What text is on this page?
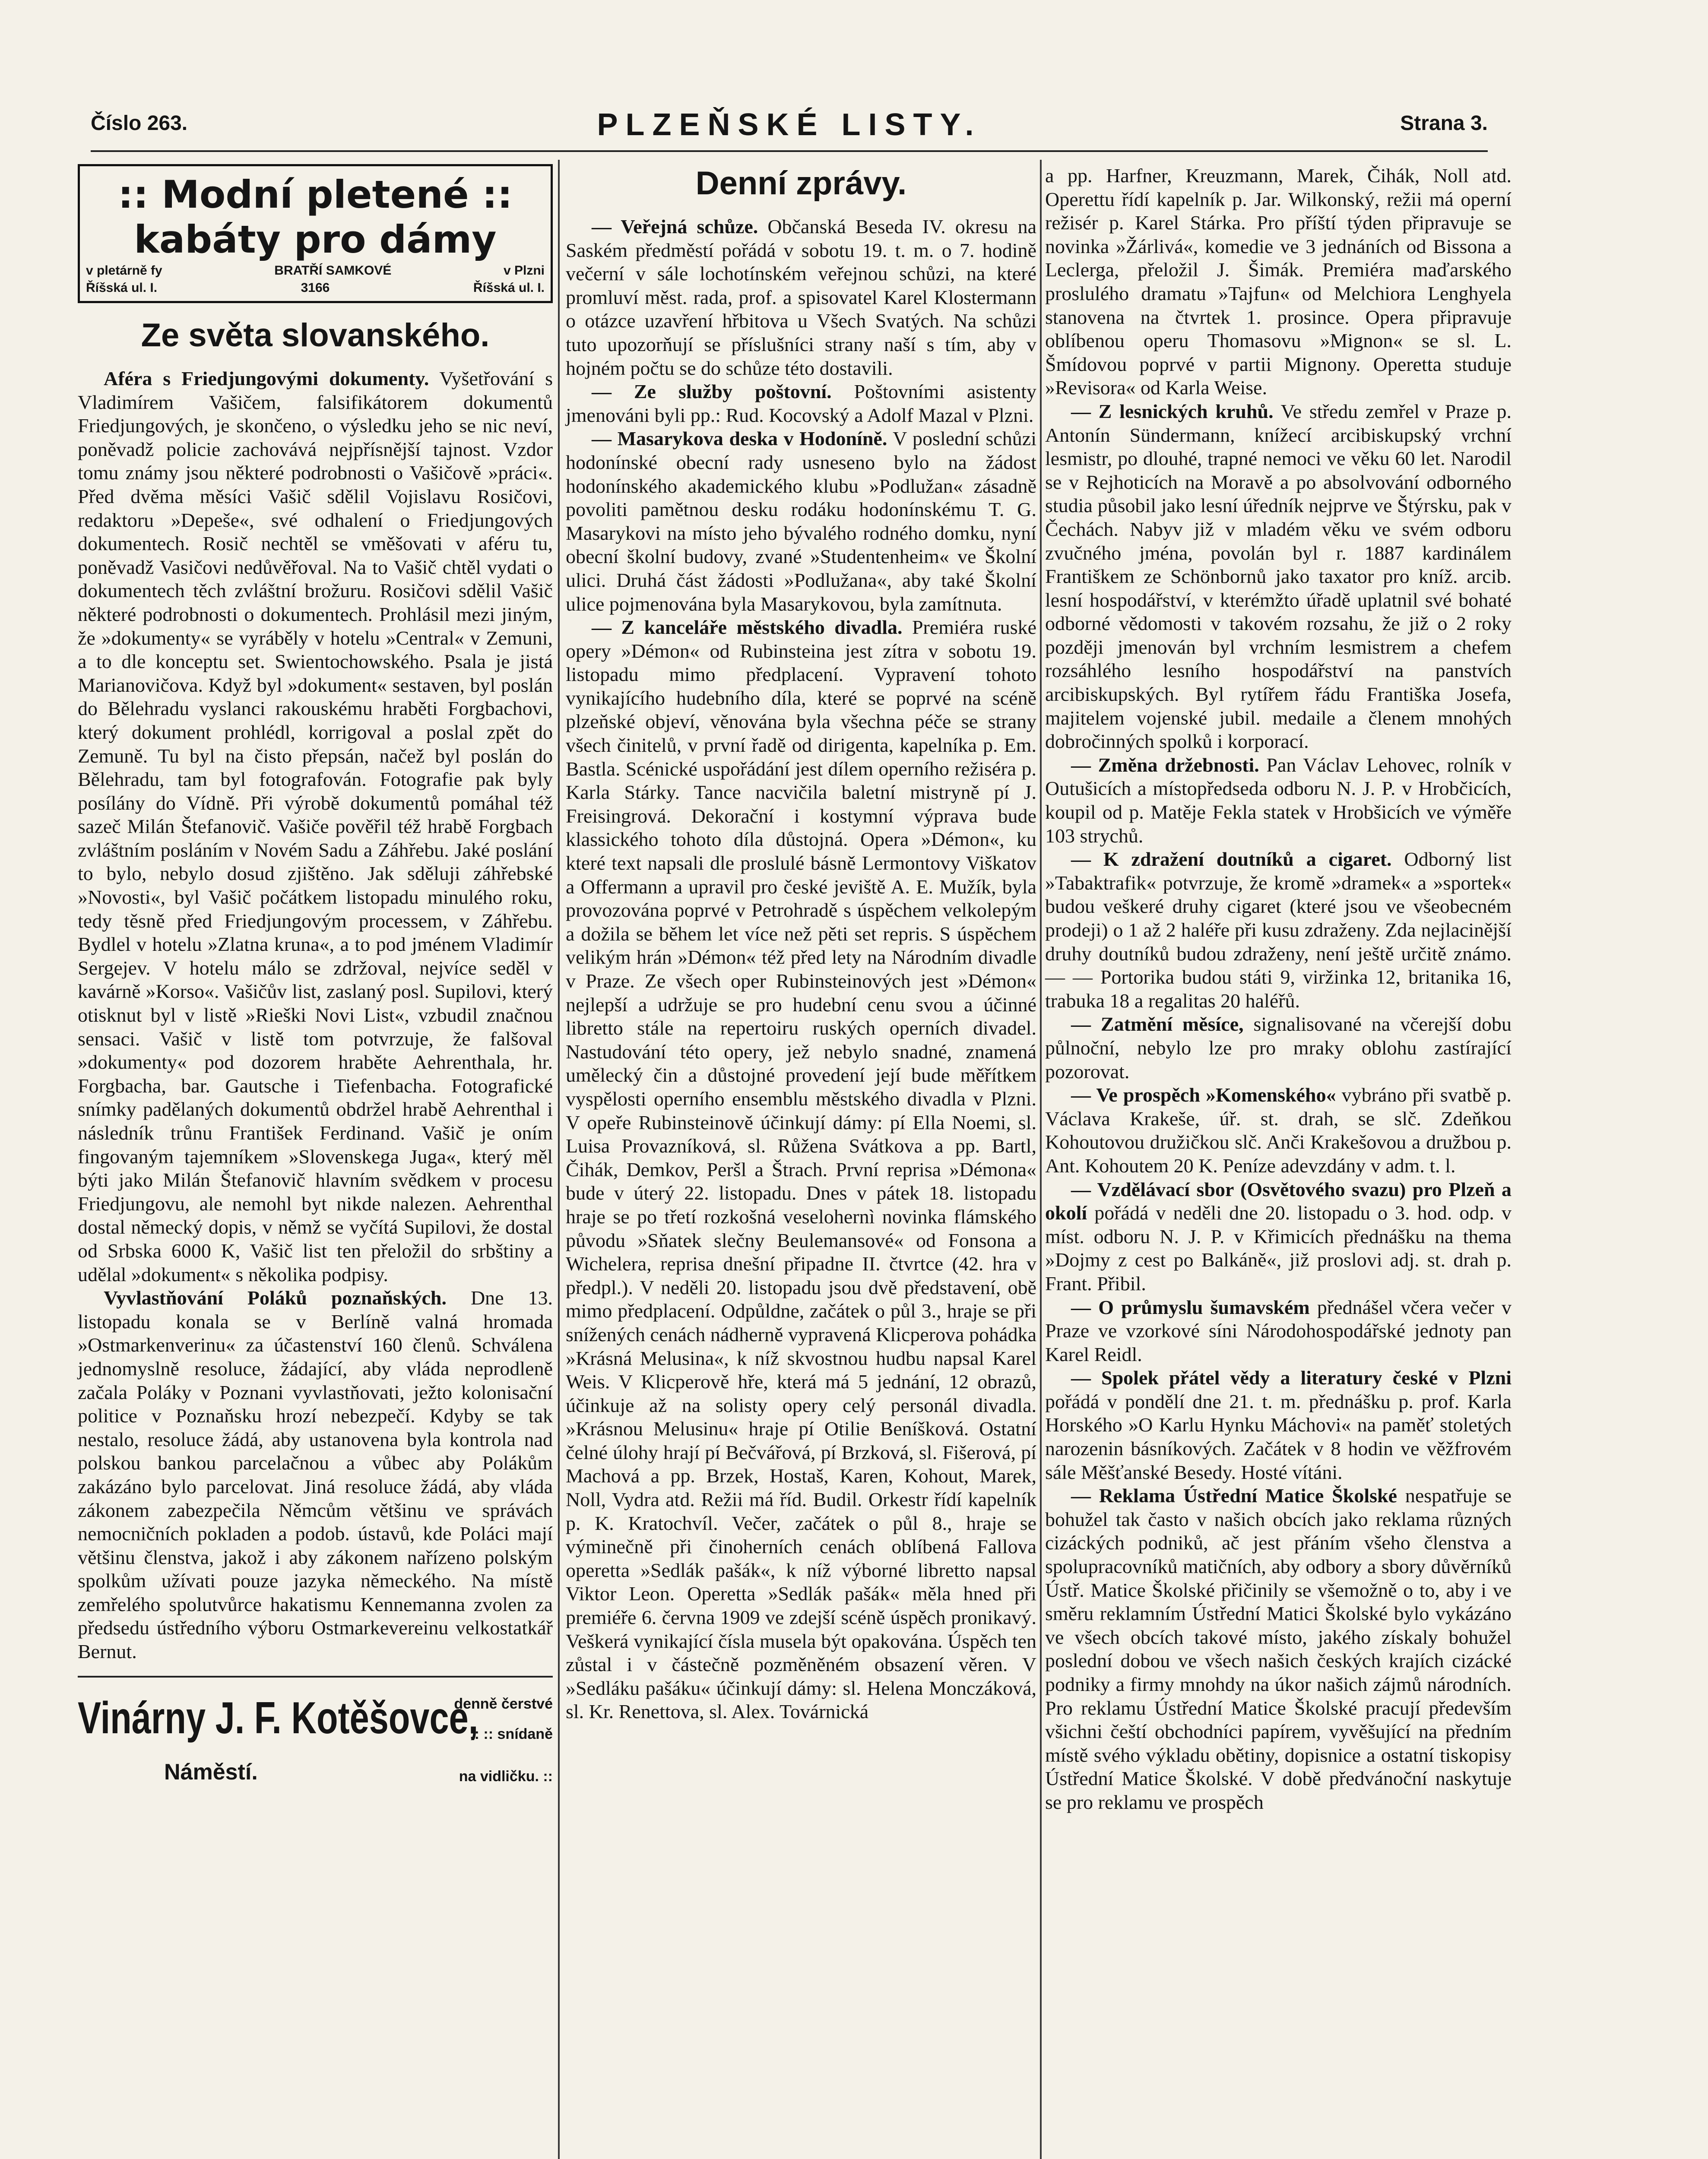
Číslo 263.	PLZEŇSKÉ LISTY.	Strana 3.
:: Modní pletené :: kabáty pro dámy
v pletárně fy	BRATŘÍ SAMKOVÉ	v Plzni
Říšská ul. I.	3166	Říšská ul. I.
Ze světa slovanského.

Aféra s Friedjungovými dokumenty. Vyšetřování s Vladimírem Vašičem, falsifikátorem dokumentů Friedjungových, je skončeno, o výsledku jeho se nic neví, poněvadž policie zachovává nejpřísnější tajnost. Vzdor tomu známy jsou některé podrobnosti o Vašičově »práci«. Před dvěma měsíci Vašič sdělil Vojislavu Rosičovi, redaktoru »Depeše«, své odhalení o Friedjungových dokumentech. Rosič nechtěl se vměšovati v aféru tu, poněvadž Vasičovi nedůvěřoval. Na to Vašič chtěl vydati o dokumentech těch zvláštní brožuru. Rosičovi sdělil Vašič některé podrobnosti o dokumentech. Prohlásil mezi jiným, že »dokumenty« se vyráběly v hotelu »Central« v Zemuni, a to dle konceptu set. Swientochowského. Psala je jistá Marianovičova. Když byl »dokument« sestaven, byl poslán do Bělehradu vyslanci rakouskému hraběti Forgbachovi, který dokument prohlédl, korrigoval a poslal zpět do Zemuně. Tu byl na čisto přepsán, načež byl poslán do Bělehradu, tam byl fotografován. Fotografie pak byly posílány do Vídně. Při výrobě dokumentů pomáhal též sazeč Milán Štefanovič. Vašiče pověřil též hrabě Forgbach zvláštním posláním v Novém Sadu a Záhřebu. Jaké poslání to bylo, nebylo dosud zjištěno. Jak sděluji záhřebské »Novosti«, byl Vašič počátkem listopadu minulého roku, tedy těsně před Friedjungovým processem, v Záhřebu. Bydlel v hotelu »Zlatna kruna«, a to pod jménem Vladimír Sergejev. V hotelu málo se zdržoval, nejvíce seděl v kavárně »Korso«. Vašičův list, zaslaný posl. Supilovi, který otisknut byl v listě »Rieški Novi List«, vzbudil značnou sensaci. Vašič v listě tom potvrzuje, že falšoval »dokumenty« pod dozorem hraběte Aehrenthala, hr. Forgbacha, bar. Gautsche i Tiefenbacha. Fotografické snímky padělaných dokumentů obdržel hrabě Aehrenthal i následník trůnu František Ferdinand. Vašič je oním fingovaným tajemníkem »Slovenskega Juga«, který měl býti jako Milán Štefanovič hlavním svědkem v procesu Friedjungovu, ale nemohl byt nikde nalezen. Aehrenthal dostal německý dopis, v němž se vyčítá Supilovi, že dostal od Srbska 6000 K, Vašič list ten přeložil do srbštiny a udělal »dokument« s několika podpisy.

Vyvlastňování Poláků poznaňských. Dne 13. listopadu konala se v Berlíně valná hromada »Ostmarkenverinu« za účastenství 160 členů. Schválena jednomyslně resoluce, žádající, aby vláda neprodleně začala Poláky v Poznani vyvlastňovati, ježto kolonisační politice v Poznaňsku hrozí nebezpečí. Kdyby se tak nestalo, resoluce žádá, aby ustanovena byla kontrola nad polskou bankou parcelačnou a vůbec aby Polákům zakázáno bylo parcelovat. Jiná resoluce žádá, aby vláda zákonem zabezpečila Němcům většinu ve správách nemocničních pokladen a podob. ústavů, kde Poláci mají většinu členstva, jakož i aby zákonem nařízeno polským spolkům užívati pouze jazyka německého. Na místě zemřelého spolutvůrce hakatismu Kennemanna zvolen za předsedu ústředního výboru Ostmarkevereinu velkostatkář Bernut.

Vinárny J. F. Kotěšovce,
denně čerstvé
:: :: snídaně
na vidličku. ::
Náměstí.
Denní zprávy.

— Veřejná schůze. Občanská Beseda IV. okresu na Saském předměstí pořádá v sobotu 19. t. m. o 7. hodině večerní v sále lochotínském veřejnou schůzi, na které promluví měst. rada, prof. a spisovatel Karel Klostermann o otázce uzavření hřbitova u Všech Svatých. Na schůzi tuto upozorňují se příslušníci strany naší s tím, aby v hojném počtu se do schůze této dostavili.

— Ze služby poštovní. Poštovními asistenty jmenováni byli pp.: Rud. Kocovský a Adolf Mazal v Plzni.

— Masarykova deska v Hodoníně. V poslední schůzi hodonínské obecní rady usneseno bylo na žádost hodonínského akademického klubu »Podlužan« zásadně povoliti pamětnou desku rodáku hodonínskému T. G. Masarykovi na místo jeho bývalého rodného domku, nyní obecní školní budovy, zvané »Studentenheim« ve Školní ulici. Druhá část žádosti »Podlužana«, aby také Školní ulice pojmenována byla Masarykovou, byla zamítnuta.

— Z kanceláře městského divadla. Premiéra ruské opery »Démon« od Rubinsteina jest zítra v sobotu 19. listopadu mimo předplacení. Vypravení tohoto vynikajícího hudebního díla, které se poprvé na scéně plzeňské objeví, věnována byla všechna péče se strany všech činitelů, v první řadě od dirigenta, kapelníka p. Em. Bastla. Scénické uspořádání jest dílem operního režiséra p. Karla Stárky. Tance nacvičila baletní mistryně pí J. Freisingrová. Dekorační i kostymní výprava bude klassického tohoto díla důstojná. Opera »Démon«, ku které text napsali dle proslulé básně Lermontovy Viškatov a Offermann a upravil pro české jeviště A. E. Mužík, byla provozována poprvé v Petrohradě s úspěchem velkolepým a dožila se během let více než pěti set repris. S úspěchem velikým hrán »Démon« též před lety na Národním divadle v Praze. Ze všech oper Rubinsteinových jest »Démon« nejlepší a udržuje se pro hudební cenu svou a účinné libretto stále na repertoiru ruských operních divadel. Nastudování této opery, jež nebylo snadné, znamená umělecký čin a důstojné provedení její bude měřítkem vyspělosti operního ensemblu městského divadla v Plzni. V opeře Rubinsteinově účinkují dámy: pí Ella Noemi, sl. Luisa Provazníková, sl. Růžena Svátkova a pp. Bartl, Čihák, Demkov, Peršl a Štrach. První reprisa »Démona« bude v úterý 22. listopadu. Dnes v pátek 18. listopadu hraje se po třetí rozkošná veselohernì novinka flámského původu »Sňatek slečny Beulemansové« od Fonsona a Wichelera, reprisa dnešní připadne II. čtvrtce (42. hra v předpl.). V neděli 20. listopadu jsou dvě představení, obě mimo předplacení. Odpůldne, začátek o půl 3., hraje se při snížených cenách nádherně vypravená Klicperova pohádka »Krásná Melusina«, k níž skvostnou hudbu napsal Karel Weis. V Klicperově hře, která má 5 jednání, 12 obrazů, účinkuje až na solisty opery celý personál divadla. »Krásnou Melusinu« hraje pí Otilie Beníšková. Ostatní čelné úlohy hrají pí Bečvářová, pí Brzková, sl. Fišerová, pí Machová a pp. Brzek, Hostaš, Karen, Kohout, Marek, Noll, Vydra atd. Režii má říd. Budil. Orkestr řídí kapelník p. K. Kratochvíl. Večer, začátek o půl 8., hraje se výminečně při činoherních cenách oblíbená Fallova operetta »Sedlák pašák«, k níž výborné libretto napsal Viktor Leon. Operetta »Sedlák pašák« měla hned při premiéře 6. června 1909 ve zdejší scéně úspěch pronikavý. Veškerá vynikající čísla musela být opakována. Úspěch ten zůstal i v částečně pozměněném obsazení věren. V »Sedláku pašáku« účinkují dámy: sl. Helena Monczáková, sl. Kr. Renettova, sl. Alex. Továrnická

a pp. Harfner, Kreuzmann, Marek, Čihák, Noll atd. Operettu řídí kapelník p. Jar. Wilkonský, režii má operní režisér p. Karel Stárka. Pro příští týden připravuje se novinka »Žárlivá«, komedie ve 3 jednáních od Bissona a Leclerga, přeložil J. Šimák. Premiéra maďarského proslulého dramatu »Tajfun« od Melchiora Lenghyela stanovena na čtvrtek 1. prosince. Opera připravuje oblíbenou operu Thomasovu »Mignon« se sl. L. Šmídovou poprvé v partii Mignony. Operetta studuje »Revisora« od Karla Weise.

— Z lesnických kruhů. Ve středu zemřel v Praze p. Antonín Sündermann, knížecí arcibiskupský vrchní lesmistr, po dlouhé, trapné nemoci ve věku 60 let. Narodil se v Rejhoticích na Moravě a po absolvování odborného studia působil jako lesní úředník nejprve ve Štýrsku, pak v Čechách. Nabyv již v mladém věku ve svém odboru zvučného jména, povolán byl r. 1887 kardinálem Františkem ze Schönbornů jako taxator pro kníž. arcib. lesní hospodářství, v kterémžto úřadě uplatnil své bohaté odborné vědomosti v takovém rozsahu, že již o 2 roky později jmenován byl vrchním lesmistrem a chefem rozsáhlého lesního hospodářství na panstvích arcibiskupských. Byl rytířem řádu Františka Josefa, majitelem vojenské jubil. medaile a členem mnohých dobročinných spolků i korporací.

— Změna držebnosti. Pan Václav Lehovec, rolník v Outušicích a místopředseda odboru N. J. P. v Hrobčicích, koupil od p. Matěje Fekla statek v Hrobšicích ve výměře 103 strychů.

— K zdražení doutníků a cigaret. Odborný list »Tabaktrafik« potvrzuje, že kromě »dramek« a »sportek« budou veškeré druhy cigaret (které jsou ve všeobecném prodeji) o 1 až 2 haléře při kusu zdraženy. Zda nejlacinější druhy doutníků budou zdraženy, není ještě určitě známo. — — Portorika budou státi 9, viržinka 12, britanika 16, trabuka 18 a regalitas 20 haléřů.

— Zatmění měsíce, signalisované na včerejší dobu půlnoční, nebylo lze pro mraky oblohu zastírající pozorovat.

— Ve prospěch »Komenského« vybráno při svatbě p. Václava Krakeše, úř. st. drah, se slč. Zdeňkou Kohoutovou družičkou slč. Anči Krakešovou a družbou p. Ant. Kohoutem 20 K. Peníze adevzdány v adm. t. l.

— Vzdělávací sbor (Osvětového svazu) pro Plzeň a okolí pořádá v neděli dne 20. listopadu o 3. hod. odp. v míst. odboru N. J. P. v Křimicích přednášku na thema »Dojmy z cest po Balkáně«, již proslovi adj. st. drah p. Frant. Přibil.

— O průmyslu šumavském přednášel včera večer v Praze ve vzorkové síni Národohospodářské jednoty pan Karel Reidl.

— Spolek přátel vědy a literatury české v Plzni pořádá v pondělí dne 21. t. m. přednášku p. prof. Karla Horského »O Karlu Hynku Máchovi« na paměť stoletých narozenin básníkových. Začátek v 8 hodin ve věžfrovém sále Měšťanské Besedy. Hosté vítáni.

— Reklama Ústřední Matice Školské nespatřuje se bohužel tak často v našich obcích jako reklama různých cizáckých podniků, ač jest přáním všeho členstva a spolupracovníků matičních, aby odbory a sbory důvěrníků Ústř. Matice Školské přičinily se všemožně o to, aby i ve směru reklamním Ústřední Matici Školské bylo vykázáno ve všech obcích takové místo, jakého získaly bohužel poslední dobou ve všech našich českých krajích cizácké podniky a firmy mnohdy na úkor našich zájmů národních. Pro reklamu Ústřední Matice Školské pracují především všichni čeští obchodníci papírem, vyvěšující na předním místě svého výkladu obětiny, dopisnice a ostatní tiskopisy Ústřední Matice Školské. V době předvánoční naskytuje se pro reklamu ve prospěch
